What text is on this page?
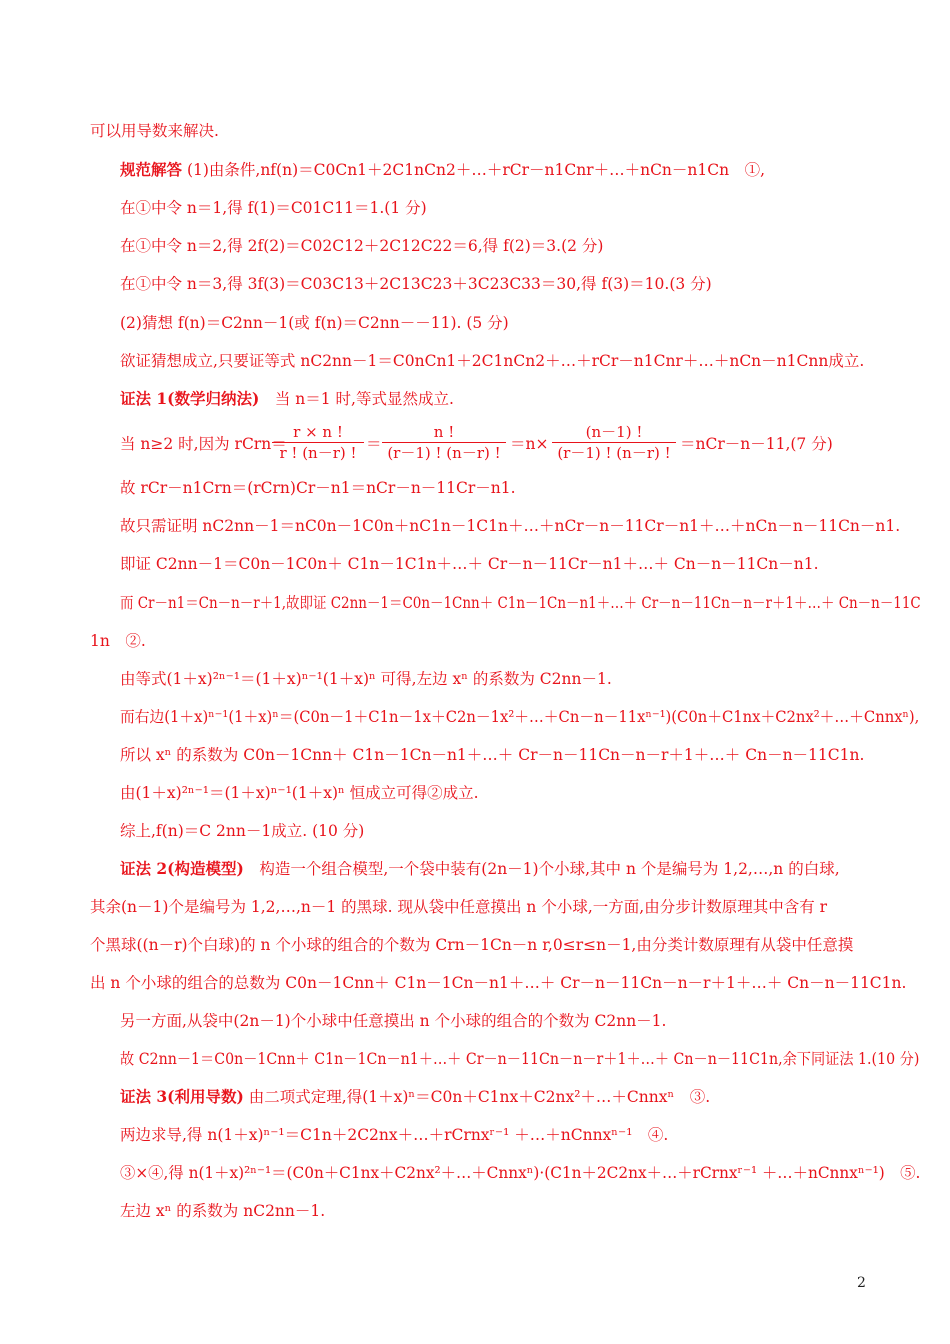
可以用导数来解决.
规范解答 (1)由条件,nf(n)＝C0Cn1＋2C1nCn2＋…＋rCr－n1Cnr＋…＋nCn－n1Cn　①,
在①中令 n＝1,得 f(1)＝C01C11＝1.(1 分)
在①中令 n＝2,得 2f(2)＝C02C12＋2C12C22＝6,得 f(2)＝3.(2 分)
在①中令 n＝3,得 3f(3)＝C03C13＋2C13C23＋3C23C33＝30,得 f(3)＝10.(3 分)
(2)猜想 f(n)＝C2nn－1(或 f(n)＝C2nn－－11). (5 分)
欲证猜想成立,只要证等式 nC2nn－1＝C0nCn1＋2C1nCn2＋…＋rCr－n1Cnr＋…＋nCn－n1Cnn成立.
证法 1(数学归纳法)　当 n＝1 时,等式显然成立.
当 n≥2 时,因为 rCrn＝
r × n !
r ! (n－r) ! ＝
n !
(r－1) ! (n－r) ! ＝n×
(n－1) !
(r－1) ! (n－r) ! ＝nCr－n－11,(7 分)
故 rCr－n1Crn＝(rCrn)Cr－n1＝nCr－n－11Cr－n1.
故只需证明 nC2nn－1＝nC0n－1C0n＋nC1n－1C1n＋…＋nCr－n－11Cr－n1＋…＋nCn－n－11Cn－n1.
即证 C2nn－1＝C0n－1C0n＋ C1n－1C1n＋…＋ Cr－n－11Cr－n1＋…＋ Cn－n－11Cn－n1.
而 Cr－n1＝Cn－n－r＋1,故即证 C2nn－1＝C0n－1Cnn＋ C1n－1Cn－n1＋…＋ Cr－n－11Cn－n－r＋1＋…＋ Cn－n－11C
1n　②.
由等式(1＋x)²ⁿ⁻¹＝(1＋x)ⁿ⁻¹(1＋x)ⁿ 可得,左边 xⁿ 的系数为 C2nn－1.
而右边(1＋x)ⁿ⁻¹(1＋x)ⁿ＝(C0n－1＋C1n－1x＋C2n－1x²＋…＋Cn－n－11xⁿ⁻¹)(C0n＋C1nx＋C2nx²＋…＋Cnnxⁿ),
所以 xⁿ 的系数为 C0n－1Cnn＋ C1n－1Cn－n1＋…＋ Cr－n－11Cn－n－r＋1＋…＋ Cn－n－11C1n.
由(1＋x)²ⁿ⁻¹＝(1＋x)ⁿ⁻¹(1＋x)ⁿ 恒成立可得②成立.
综上,f(n)＝C 2nn－1成立. (10 分)
证法 2(构造模型)　构造一个组合模型,一个袋中装有(2n－1)个小球,其中 n 个是编号为 1,2,…,n 的白球,
其余(n－1)个是编号为 1,2,…,n－1 的黑球. 现从袋中任意摸出 n 个小球,一方面,由分步计数原理其中含有 r
个黑球((n－r)个白球)的 n 个小球的组合的个数为 Crn－1Cn－n r,0≤r≤n－1,由分类计数原理有从袋中任意摸
出 n 个小球的组合的总数为 C0n－1Cnn＋ C1n－1Cn－n1＋…＋ Cr－n－11Cn－n－r＋1＋…＋ Cn－n－11C1n.
另一方面,从袋中(2n－1)个小球中任意摸出 n 个小球的组合的个数为 C2nn－1.
故 C2nn－1＝C0n－1Cnn＋ C1n－1Cn－n1＋…＋ Cr－n－11Cn－n－r＋1＋…＋ Cn－n－11C1n,余下同证法 1.(10 分)
证法 3(利用导数) 由二项式定理,得(1＋x)ⁿ＝C0n＋C1nx＋C2nx²＋…＋Cnnxⁿ　③.
两边求导,得 n(1＋x)ⁿ⁻¹＝C1n＋2C2nx＋…＋rCrnxʳ⁻¹ ＋…＋nCnnxⁿ⁻¹　④.
③×④,得 n(1＋x)²ⁿ⁻¹＝(C0n＋C1nx＋C2nx²＋…＋Cnnxⁿ)·(C1n＋2C2nx＋…＋rCrnxʳ⁻¹ ＋…＋nCnnxⁿ⁻¹)　⑤.
左边 xⁿ 的系数为 nC2nn－1.
2
